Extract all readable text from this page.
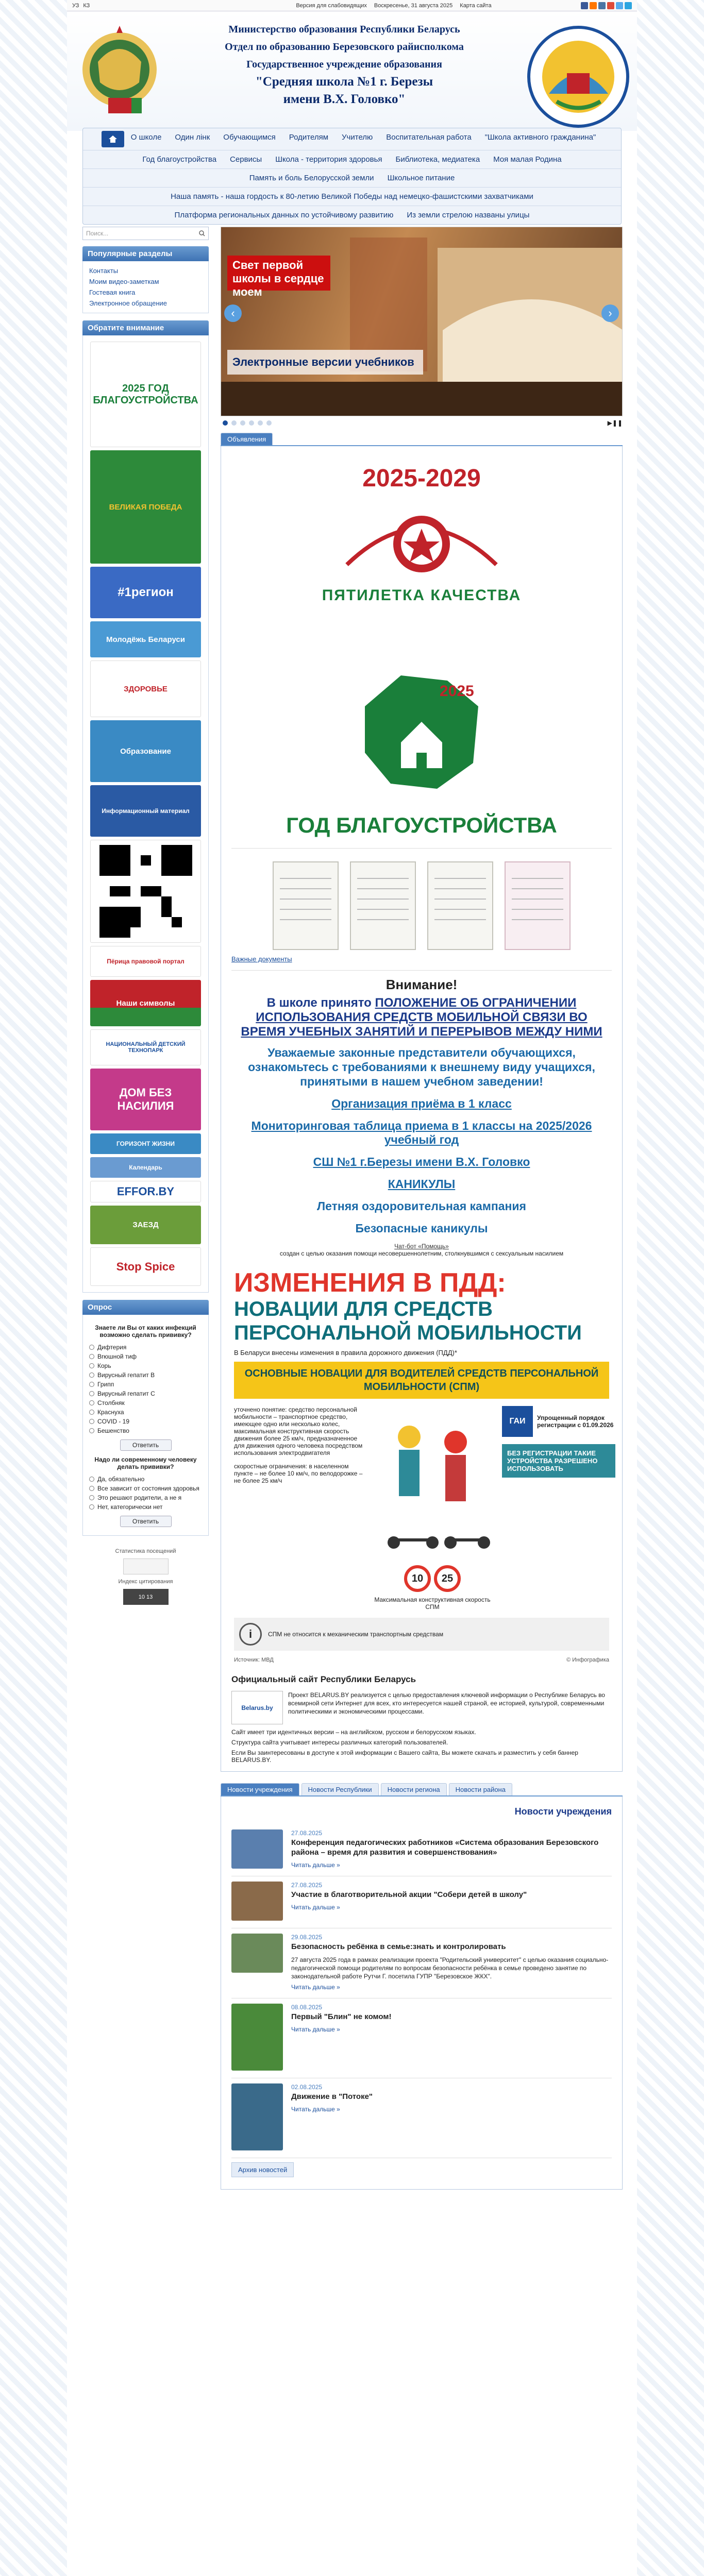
УЗ КЗ	Версия для слабовидящих Воскресенье, 31 августа 2025 Карта сайта
Министерство образования Республики Беларусь
Отдел по образованию Березовского райисполкома
Государственное учреждение образования
"Средняя школа №1 г. Березы
имени В.Х. Головко"
О школе	Один лінк	Обучающимся	Родителям	Учителю	Воспитательная работа	"Школа активного гражданина"
Год благоустройства	Сервисы	Школа - территория здоровья	Библиотека, медиатека	Моя малая Родина
Память и боль Белорусской земли	Школьное питание
Наша память - наша гордость к 80-летию Великой Победы над немецко-фашистскими захватчиками
Платформа региональных данных по устойчивому развитию	Из земли стрелою названы улицы
Поиск...
Популярные разделы
Контакты
Моим видео-заметкам
Гостевая книга
Электронное обращение
Обратите внимание
2025 ГОД БЛАГОУСТРОЙСТВА
ВЕЛИКАЯ ПОБЕДА
#1регион
Молодёжь Беларуси
ЗДОРОВЬЕ
Образование
Информационный материал
Пёрица правовой портал
Наши символы
НАЦИОНАЛЬНЫЙ ДЕТСКИЙ ТЕХНОПАРК
ДОМ БЕЗ НАСИЛИЯ
ГОРИЗОНТ ЖИЗНИ
Календарь
EFFOR.BY
ЗАЕЗД
Stop Spice
Опрос
Знаете ли Вы от каких инфекций возможно сделать прививку?
Дифтерия
Brюшной тиф
Корь
Вирусный гепатит B
Грипп
Вирусный гепатит C
Столбняк
Краснуха
COVID - 19
Бешенство
Ответить
Надо ли современному человеку делать прививки?
Да, обязательно
Все зависит от состояния здоровья
Это решают родители, а не я
Нет, категорически нет
Ответить
Статистика посещений
Индекс цитирования
10 13
Свет первой школы в сердце моем
Электронные версии учебников
‹	›
▶❚❚
Объявления
2025-2029
ПЯТИЛЕТКА КАЧЕСТВА
2025
ГОД БЛАГОУСТРОЙСТВА
Важные документы
Внимание!
В школе принято ПОЛОЖЕНИЕ ОБ ОГРАНИЧЕНИИ ИСПОЛЬЗОВАНИЯ СРЕДСТВ МОБИЛЬНОЙ СВЯЗИ ВО ВРЕМЯ УЧЕБНЫХ ЗАНЯТИЙ И ПЕРЕРЫВОВ МЕЖДУ НИМИ
Уважаемые законные представители обучающихся, ознакомьтесь с требованиями к внешнему виду учащихся, принятыми в нашем учебном заведении!
Организация приёма в 1 класс
Мониторинговая таблица приема в 1 классы на 2025/2026 учебный год
СШ №1 г.Березы имени В.Х. Головко
КАНИКУЛЫ
Летняя оздоровительная кампания
Безопасные каникулы
Чат-бот «Помощь»
создан с целью оказания помощи несовершеннолетним, столкнувшимся с сексуальным насилием
ИЗМЕНЕНИЯ В ПДД:
НОВАЦИИ ДЛЯ СРЕДСТВ ПЕРСОНАЛЬНОЙ МОБИЛЬНОСТИ
В Беларуси внесены изменения в правила дорожного движения (ПДД)*
ОСНОВНЫЕ НОВАЦИИ ДЛЯ ВОДИТЕЛЕЙ СРЕДСТВ ПЕРСОНАЛЬНОЙ МОБИЛЬНОСТИ (СПМ)

уточнено понятие: средство персональной мобильности – транспортное средство, имеющее одно или несколько колес, максимальная конструктивная скорость движения более 25 км/ч, предназначенное для движения одного человека посредством использования электродвигателя

скоростные ограничения: в населенном пункте – не более 10 км/ч, по велодорожке – не более 25 км/ч

10	25

Максимальная конструктивная скорость СПМ

ГАИ	Упрощенный порядок регистрации с 01.09.2026
БЕЗ РЕГИСТРАЦИИ ТАКИЕ УСТРОЙСТВА РАЗРЕШЕНО ИСПОЛЬЗОВАТЬ
i	СПМ не относится к механическим транспортным средствам
Источник: МВД	© Инфографика
Официальный сайт Республики Беларусь
Belarus.by

Проект BELARUS.BY реализуется с целью предоставления ключевой информации о Республике Беларусь во всемирной сети Интернет для всех, кто интересуется нашей страной, ее историей, культурой, современными политическими и экономическими процессами.

Сайт имеет три идентичных версии – на английском, русском и белорусском языках.

Структура сайта учитывает интересы различных категорий пользователей.

Если Вы заинтересованы в доступе к этой информации с Вашего сайта, Вы можете скачать и разместить у себя баннер BELARUS.BY.

Новости учреждения	Новости Республики	Новости региона	Новости района
Новости учреждения
27.08.2025
Конференция педагогических работников «Система образования Березовского района – время для развития и совершенствования»
Читать дальше »
27.08.2025
Участие в благотворительной акции "Собери детей в школу"
Читать дальше »
29.08.2025
Безопасность ребёнка в семье:знать и контролировать
27 августа 2025 года в рамках реализации проекта "Родительский университет" с целью оказания социально-педагогической помощи родителям по вопросам безопасности ребёнка в семье проведено занятие по законодательной работе Рутчи Г. посетила ГУПР "Березовское ЖКХ".
Читать дальше »
08.08.2025
Первый "Блин" не комом!
Читать дальше »
02.08.2025
Движение в "Потоке"
Читать дальше »
Архив новостей
